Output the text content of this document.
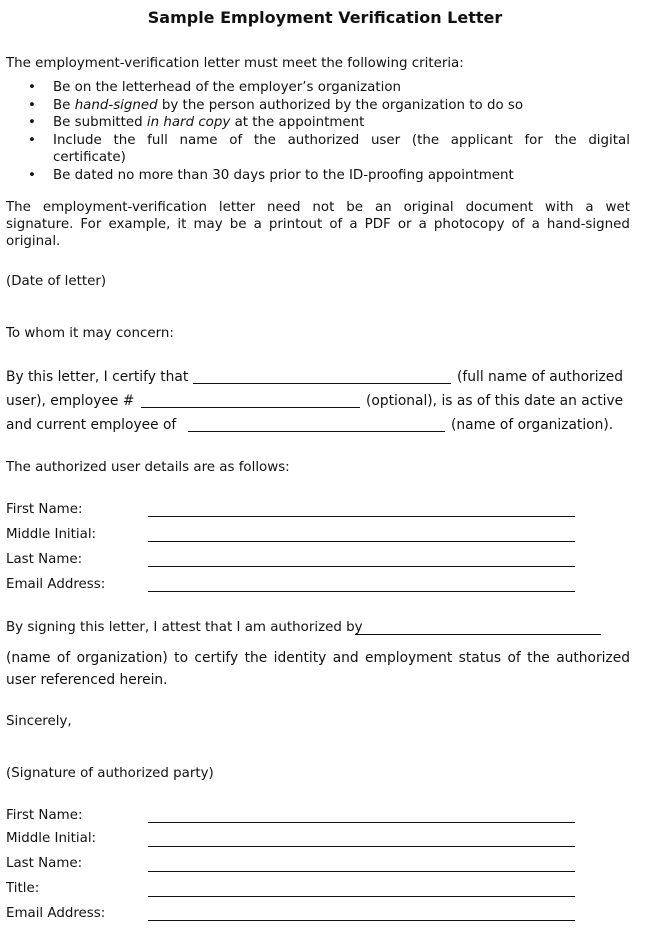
Sample Employment Verification Letter
The employment-verification letter must meet the following criteria:
• Be on the letterhead of the employer’s organization
• Be hand-signed by the person authorized by the organization to do so
• Be submitted in hard copy at the appointment
• Include the full name of the authorized user (the applicant for the digital
certificate)
• Be dated no more than 30 days prior to the ID-proofing appointment
The employment-verification letter need not be an original document with a wet
signature. For example, it may be a printout of a PDF or a photocopy of a hand-signed
original.
(Date of letter)
To whom it may concern:
By this letter, I certify that	(full name of authorized
user), employee #	(optional), is as of this date an active
and current employee of	(name of organization).
The authorized user details are as follows:
First Name:
Middle Initial:
Last Name:
Email Address:
By signing this letter, I attest that I am authorized by
(name of organization) to certify the identity and employment status of the authorized
user referenced herein.
Sincerely,
(Signature of authorized party)
First Name:
Middle Initial:
Last Name:
Title:
Email Address:
